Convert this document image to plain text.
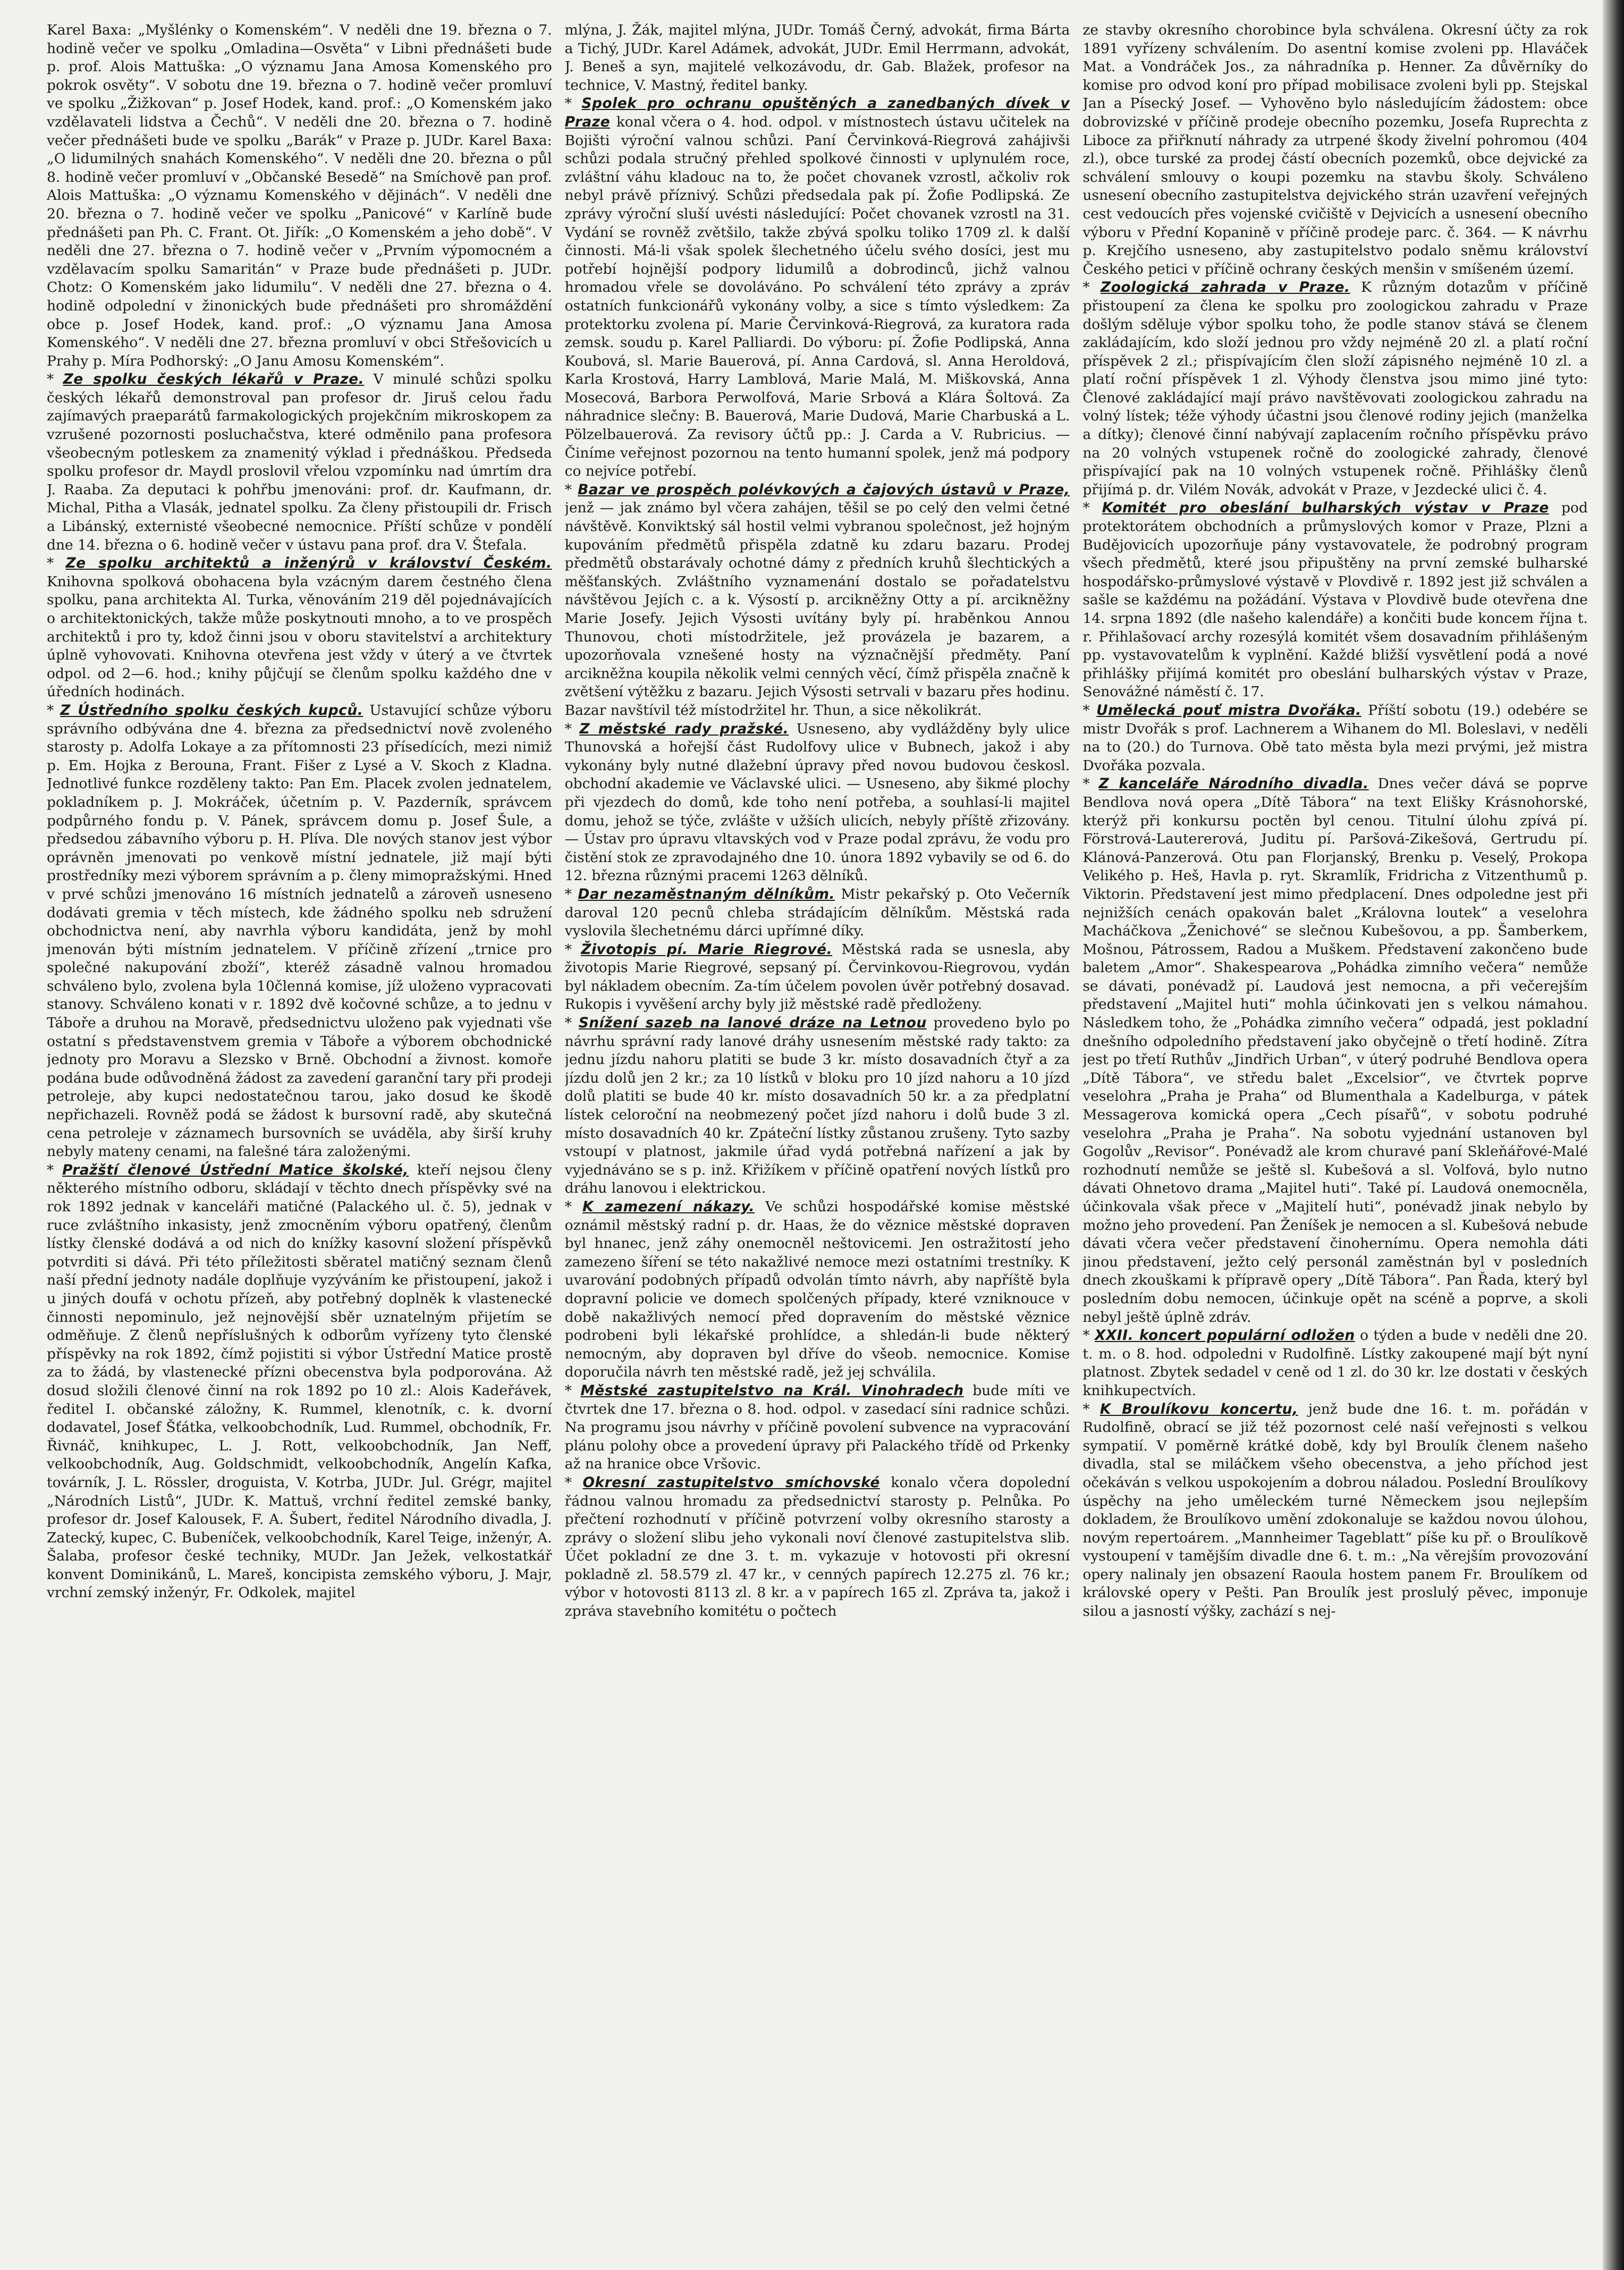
Karel Baxa: „Myšlénky o Komenském“. V neděli dne 19. března o 7. hodině večer ve spolku „Omladina—Osvěta“ v Libni přednášeti bude p. prof. Alois Mattuška: „O významu Jana Amosa Komenského pro pokrok osvěty“. V sobotu dne 19. března o 7. hodině večer promluví ve spolku „Žižkovan“ p. Josef Hodek, kand. prof.: „O Komenském jako vzdělavateli lidstva a Čechů“. V neděli dne 20. března o 7. hodině večer přednášeti bude ve spolku „Barák“ v Praze p. JUDr. Karel Baxa: „O lidumilných snahách Komenského“. V neděli dne 20. března o půl 8. hodině večer promluví v „Občanské Besedě“ na Smíchově pan prof. Alois Mattuška: „O významu Komenského v dějinách“. V neděli dne 20. března o 7. hodině večer ve spolku „Panicové“ v Karlíně bude přednášeti pan Ph. C. Frant. Ot. Jiřík: „O Komenském a jeho době“. V neděli dne 27. března o 7. hodině večer v „Prvním výpomocném a vzdělavacím spolku Samaritán“ v Praze bude přednášeti p. JUDr. Chotz: O Komenském jako lidumilu“. V neděli dne 27. března o 4. hodině odpolední v žinonických bude přednášeti pro shromáždění obce p. Josef Hodek, kand. prof.: „O významu Jana Amosa Komenského“. V neděli dne 27. března promluví v obci Střešovicích u Prahy p. Míra Podhorský: „O Janu Amosu Komenském“.

* Ze spolku českých lékařů v Praze. V minulé schůzi spolku českých lékařů demonstroval pan profesor dr. Jiruš celou řadu zajímavých praeparátů farmakologických projekčním mikroskopem za vzrušené pozornosti posluchačstva, které odměnilo pana profesora všeobecným potleskem za znamenitý výklad i přednáškou. Předseda spolku profesor dr. Maydl proslovil vřelou vzpomínku nad úmrtím dra J. Raaba. Za deputaci k pohřbu jmenováni: prof. dr. Kaufmann, dr. Michal, Pitha a Vlasák, jednatel spolku. Za členy přistoupili dr. Frisch a Libánský, externisté všeobecné nemocnice. Příští schůze v pondělí dne 14. března o 6. hodině večer v ústavu pana prof. dra V. Štefala.

* Ze spolku architektů a inženýrů v království Českém. Knihovna spolková obohacena byla vzácným darem čestného člena spolku, pana architekta Al. Turka, věnováním 219 děl pojednávajících o architektonických, takže může poskytnouti mnoho, a to ve prospěch architektů i pro ty, kdož činni jsou v oboru stavitelství a architektury úplně vyhovovati. Knihovna otevřena jest vždy v úterý a ve čtvrtek odpol. od 2—6. hod.; knihy půjčují se členům spolku každého dne v úředních hodinách.

* Z Ústředního spolku českých kupců. Ustavující schůze výboru správního odbývána dne 4. března za předsednictví nově zvoleného starosty p. Adolfa Lokaye a za přítomnosti 23 přísedících, mezi nimiž p. Em. Hojka z Berouna, Frant. Fišer z Lysé a V. Skoch z Kladna. Jednotlivé funkce rozděleny takto: Pan Em. Placek zvolen jednatelem, pokladníkem p. J. Mokráček, účetním p. V. Pazderník, správcem podpůrného fondu p. V. Pánek, správcem domu p. Josef Šule, a předsedou zábavního výboru p. H. Plíva. Dle nových stanov jest výbor oprávněn jmenovati po venkově místní jednatele, již mají býti prostředníky mezi výborem správním a p. členy mimopražskými. Hned v prvé schůzi jmenováno 16 místních jednatelů a zároveň usneseno dodávati gremia v těch místech, kde žádného spolku neb sdružení obchodnictva není, aby navrhla výboru kandidáta, jenž by mohl jmenován býti místním jednatelem. V příčině zřízení „trnice pro společné nakupování zboží“, kteréž zásadně valnou hromadou schváleno bylo, zvolena byla 10členná komise, jíž uloženo vypracovati stanovy. Schváleno konati v r. 1892 dvě kočovné schůze, a to jednu v Táboře a druhou na Moravě, předsednictvu uloženo pak vyjednati vše ostatní s představenstvem gremia v Táboře a výborem obchodnické jednoty pro Moravu a Slezsko v Brně. Obchodní a živnost. komoře podána bude odůvodněná žádost za zavedení garanční tary při prodeji petroleje, aby kupci nedostatečnou tarou, jako dosud ke škodě nepřichazeli. Rovněž podá se žádost k bursovní radě, aby skutečná cena petroleje v záznamech bursovních se uváděla, aby širší kruhy nebyly mateny cenami, na falešné tára založenými.

* Pražští členové Ústřední Matice školské, kteří nejsou členy některého místního odboru, skládají v těchto dnech příspěvky své na rok 1892 jednak v kanceláři matičné (Palackého ul. č. 5), jednak v ruce zvláštního inkasisty, jenž zmocněním výboru opatřený, členům lístky členské dodává a od nich do knížky kasovní složení příspěvků potvrditi si dává. Při této příležitosti sběratel matičný seznam členů naší přední jednoty nadále doplňuje vyzýváním ke přistoupení, jakož i u jiných doufá v ochotu přízeň, aby potřebný doplněk k vlastenecké činnosti nepominulo, jež nejnovější sběr uznatelným přijetím se odměňuje. Z členů nepříslušných k odborům vyřízeny tyto členské příspěvky na rok 1892, čímž pojistiti si výbor Ústřední Matice prostě za to žádá, by vlastenecké přízni obecenstva byla podporována. Až dosud složili členové činní na rok 1892 po 10 zl.: Alois Kadeřávek, ředitel I. občanské záložny, K. Rummel, klenotník, c. k. dvorní dodavatel, Josef Šťátka, velkoobchodník, Lud. Rummel, obchodník, Fr. Řivnáč, knihkupec, L. J. Rott, velkoobchodník, Jan Neff, velkoobchodník, Aug. Goldschmidt, velkoobchodník, Angelín Kafka, továrník, J. L. Rössler, droguista, V. Kotrba, JUDr. Jul. Grégr, majitel „Národních Listů“, JUDr. K. Mattuš, vrchní ředitel zemské banky, profesor dr. Josef Kalousek, F. A. Šubert, ředitel Národního divadla, J. Zatecký, kupec, C. Bubeníček, velkoobchodník, Karel Teige, inženýr, A. Šalaba, profesor české techniky, MUDr. Jan Ježek, velkostatkář konvent Dominikánů, L. Mareš, koncipista zemského výboru, J. Majr, vrchní zemský inženýr, Fr. Odkolek, majitel

mlýna, J. Žák, majitel mlýna, JUDr. Tomáš Černý, advokát, firma Bárta a Tichý, JUDr. Karel Adámek, advokát, JUDr. Emil Herrmann, advokát, J. Beneš a syn, majitelé velkozávodu, dr. Gab. Blažek, profesor na technice, V. Mastný, ředitel banky.

* Spolek pro ochranu opuštěných a zanedbaných dívek v Praze konal včera o 4. hod. odpol. v místnostech ústavu učitelek na Bojišti výroční valnou schůzi. Paní Červinková-Riegrová zahájivši schůzi podala stručný přehled spolkové činnosti v uplynulém roce, zvláštní váhu kladouc na to, že počet chovanek vzrostl, ačkoliv rok nebyl právě příznivý. Schůzi předsedala pak pí. Žofie Podlipská. Ze zprávy výroční sluší uvésti následující: Počet chovanek vzrostl na 31. Vydání se rovněž zvětšilo, takže zbývá spolku toliko 1709 zl. k další činnosti. Má-li však spolek šlechetného účelu svého dosíci, jest mu potřebí hojnější podpory lidumilů a dobrodinců, jichž valnou hromadou vřele se dovoláváno. Po schválení této zprávy a zpráv ostatních funkcionářů vykonány volby, a sice s tímto výsledkem: Za protektorku zvolena pí. Marie Červinková-Riegrová, za kuratora rada zemsk. soudu p. Karel Palliardi. Do výboru: pí. Žofie Podlipská, Anna Koubová, sl. Marie Bauerová, pí. Anna Cardová, sl. Anna Heroldová, Karla Krostová, Harry Lamblová, Marie Malá, M. Miškovská, Anna Mosecová, Barbora Perwolfová, Marie Srbová a Klára Šoltová. Za náhradnice slečny: B. Bauerová, Marie Dudová, Marie Charbuská a L. Pölzelbauerová. Za revisory účtů pp.: J. Carda a V. Rubricius. — Činíme veřejnost pozornou na tento humanní spolek, jenž má podpory co nejvíce potřebí.

* Bazar ve prospěch polévkových a čajových ústavů v Praze, jenž — jak známo byl včera zahájen, těšil se po celý den velmi četné návštěvě. Konviktský sál hostil velmi vybranou společnost, jež hojným kupováním předmětů přispěla zdatně ku zdaru bazaru. Prodej předmětů obstarávaly ochotné dámy z předních kruhů šlechtických a měšťanských. Zvláštního vyznamenání dostalo se pořadatelstvu návštěvou Jejích c. a k. Výsostí p. arcikněžny Otty a pí. arcikněžny Marie Josefy. Jejich Výsosti uvítány byly pí. hraběnkou Annou Thunovou, choti místodržitele, jež provázela je bazarem, a upozorňovala vznešené hosty na význačnější předměty. Paní arcikněžna koupila několik velmi cenných věcí, čímž přispěla značně k zvětšení výtěžku z bazaru. Jejich Výsosti setrvali v bazaru přes hodinu. Bazar navštívil též místodržitel hr. Thun, a sice několikrát.

* Z městské rady pražské. Usneseno, aby vydlážděny byly ulice Thunovská a hořejší část Rudolfovy ulice v Bubnech, jakož i aby vykonány byly nutné dlažební úpravy před novou budovou českosl. obchodní akademie ve Václavské ulici. — Usneseno, aby šikmé plochy při vjezdech do domů, kde toho není potřeba, a souhlasí-li majitel domu, jehož se týče, zvlášte v užších ulicích, nebyly příště zřizovány. — Ústav pro úpravu vltavských vod v Praze podal zprávu, že vodu pro čistění stok ze zpravodajného dne 10. února 1892 vybavily se od 6. do 12. března různými pracemi 1263 dělníků.

* Dar nezaměstnaným dělníkům. Mistr pekařský p. Oto Večerník daroval 120 pecnů chleba strádajícím dělníkům. Městská rada vyslovila šlechetnému dárci upřímné díky.

* Životopis pí. Marie Riegrové. Městská rada se usnesla, aby životopis Marie Riegrové, sepsaný pí. Červinkovou-Riegrovou, vydán byl nákladem obecním. Za-tím účelem povolen úvěr potřebný dosavad. Rukopis i vyvěšení archy byly již městské radě předloženy.

* Snížení sazeb na lanové dráze na Letnou provedeno bylo po návrhu správní rady lanové dráhy usnesením městské rady takto: za jednu jízdu nahoru platiti se bude 3 kr. místo dosavadních čtyř a za jízdu dolů jen 2 kr.; za 10 lístků v bloku pro 10 jízd nahoru a 10 jízd dolů platiti se bude 40 kr. místo dosavadních 50 kr. a za předplatní lístek celoroční na neobmezený počet jízd nahoru i dolů bude 3 zl. místo dosavadních 40 kr. Zpáteční lístky zůstanou zrušeny. Tyto sazby vstoupí v platnost, jakmile úřad vydá potřebná nařízení a jak by vyjednáváno se s p. inž. Křižíkem v příčině opatření nových lístků pro dráhu lanovou i elektrickou.

* K zamezení nákazy. Ve schůzi hospodářské komise městské oznámil městský radní p. dr. Haas, že do věznice městské dopraven byl hnanec, jenž záhy onemocněl neštovicemi. Jen ostražitostí jeho zamezeno šíření se této nakažlivé nemoce mezi ostatními trestníky. K uvarování podobných případů odvolán tímto návrh, aby napříště byla dopravní policie ve domech spolčených případy, které vzniknouce v době nakažlivých nemocí před dopravením do městské věznice podrobeni byli lékařské prohlídce, a shledán-li bude některý nemocným, aby dopraven byl dříve do všeob. nemocnice. Komise doporučila návrh ten městské radě, jež jej schválila.

* Městské zastupitelstvo na Král. Vinohradech bude míti ve čtvrtek dne 17. března o 8. hod. odpol. v zasedací síni radnice schůzi. Na programu jsou návrhy v příčině povolení subvence na vypracování plánu polohy obce a provedení úpravy při Palackého třídě od Prkenky až na hranice obce Vršovic.

* Okresní zastupitelstvo smíchovské konalo včera dopolední řádnou valnou hromadu za předsednictví starosty p. Pelnůka. Po přečtení rozhodnutí v příčině potvrzení volby okresního starosty a zprávy o složení slibu jeho vykonali noví členové zastupitelstva slib. Účet pokladní ze dne 3. t. m. vykazuje v hotovosti při okresní pokladně zl. 58.579 zl. 47 kr., v cenných papírech 12.275 zl. 76 kr.; výbor v hotovosti 8113 zl. 8 kr. a v papírech 165 zl. Zpráva ta, jakož i zpráva stavebního komitétu o počtech

ze stavby okresního chorobince byla schválena. Okresní účty za rok 1891 vyřízeny schválením. Do asentní komise zvoleni pp. Hlaváček Mat. a Vondráček Jos., za náhradníka p. Henner. Za důvěrníky do komise pro odvod koní pro případ mobilisace zvoleni byli pp. Stejskal Jan a Písecký Josef. — Vyhověno bylo následujícím žádostem: obce dobrovizské v příčině prodeje obecního pozemku, Josefa Ruprechta z Liboce za přiřknutí náhrady za utrpené škody živelní pohromou (404 zl.), obce turské za prodej částí obecních pozemků, obce dejvické za schválení smlouvy o koupi pozemku na stavbu školy. Schváleno usnesení obecního zastupitelstva dejvického strán uzavření veřejných cest vedoucích přes vojenské cvičiště v Dejvicích a usnesení obecního výboru v Přední Kopanině v příčině prodeje parc. č. 364. — K návrhu p. Krejčího usneseno, aby zastupitelstvo podalo sněmu království Českého petici v příčině ochrany českých menšin v smíšeném území.

* Zoologická zahrada v Praze. K různým dotazům v příčině přistoupení za člena ke spolku pro zoologickou zahradu v Praze došlým sděluje výbor spolku toho, že podle stanov stává se členem zakládajícím, kdo složí jednou pro vždy nejméně 20 zl. a platí roční příspěvek 2 zl.; přispívajícím člen složí zápisného nejméně 10 zl. a platí roční příspěvek 1 zl. Výhody členstva jsou mimo jiné tyto: Členové zakládající mají právo navštěvovati zoologickou zahradu na volný lístek; téže výhody účastni jsou členové rodiny jejich (manželka a dítky); členové činní nabývají zaplacením ročního příspěvku právo na 20 volných vstupenek ročně do zoologické zahrady, členové přispívající pak na 10 volných vstupenek ročně. Přihlášky členů přijímá p. dr. Vilém Novák, advokát v Praze, v Jezdecké ulici č. 4.

* Komitét pro obeslání bulharských výstav v Praze pod protektorátem obchodních a průmyslových komor v Praze, Plzni a Budějovicích upozorňuje pány vystavovatele, že podrobný program všech předmětů, které jsou připuštěny na první zemské bulharské hospodářsko-průmyslové výstavě v Plovdivě r. 1892 jest již schválen a sašle se každému na požádání. Výstava v Plovdivě bude otevřena dne 14. srpna 1892 (dle našeho kalendáře) a končiti bude koncem října t. r. Přihlašovací archy rozesýlá komitét všem dosavadním přihlášeným pp. vystavovatelům k vyplnění. Každé bližší vysvětlení podá a nové přihlášky přijímá komitét pro obeslání bulharských výstav v Praze, Senovážné náměstí č. 17.

* Umělecká pouť mistra Dvořáka. Příští sobotu (19.) odebére se mistr Dvořák s prof. Lachnerem a Wihanem do Ml. Boleslavi, v neděli na to (20.) do Turnova. Obě tato města byla mezi prvými, jež mistra Dvořáka pozvala.

* Z kanceláře Národního divadla. Dnes večer dává se poprve Bendlova nová opera „Dítě Tábora“ na text Elišky Krásnohorské, kterýž při konkursu poctěn byl cenou. Titulní úlohu zpívá pí. Förstrová-Lautererová, Juditu pí. Paršová-Zikešová, Gertrudu pí. Klánová-Panzerová. Otu pan Florjanský, Brenku p. Veselý, Prokopa Velikého p. Heš, Havla p. ryt. Skramlík, Fridricha z Vitzenthumů p. Viktorin. Představení jest mimo předplacení. Dnes odpoledne jest při nejnižších cenách opakován balet „Královna loutek“ a veselohra Macháčkova „Ženichové“ se slečnou Kubešovou, a pp. Šamberkem, Mošnou, Pátrossem, Radou a Muškem. Představení zakončeno bude baletem „Amor“. Shakespearova „Pohádka zimního večera“ nemůže se dávati, ponévadž pí. Laudová jest nemocna, a při večerejším představení „Majitel huti“ mohla účinkovati jen s velkou námahou. Následkem toho, že „Pohádka zimního večera“ odpadá, jest pokladní dnešního odpoledního představení jako obyčejně o třetí hodině. Zítra jest po třetí Ruthův „Jindřich Urban“, v úterý podruhé Bendlova opera „Dítě Tábora“, ve středu balet „Excelsior“, ve čtvrtek poprve veselohra „Praha je Praha“ od Blumenthala a Kadelburga, v pátek Messagerova komická opera „Cech písařů“, v sobotu podruhé veselohra „Praha je Praha“. Na sobotu vyjednání ustanoven byl Gogolův „Revisor“. Ponévadž ale krom churavé paní Skleňářové-Malé rozhodnutí nemůže se ještě sl. Kubešová a sl. Volfová, bylo nutno dávati Ohnetovo drama „Majitel huti“. Také pí. Laudová onemocněla, účinkovala však přece v „Majitelí huti“, ponévadž jinak nebylo by možno jeho provedení. Pan Ženíšek je nemocen a sl. Kubešová nebude dávati včera večer představení činohernímu. Opera nemohla dáti jinou představení, ježto celý personál zaměstnán byl v posledních dnech zkouškami k přípravě opery „Dítě Tábora“. Pan Řada, který byl posledním dobu nemocen, účinkuje opět na scéně a poprve, a skoli nebyl ještě úplně zdráv.

* XXII. koncert populární odložen o týden a bude v neděli dne 20. t. m. o 8. hod. odpoledni v Rudolfině. Lístky zakoupené mají být nyní platnost. Zbytek sedadel v ceně od 1 zl. do 30 kr. lze dostati v českých knihkupectvích.

* K Broulíkovu koncertu, jenž bude dne 16. t. m. pořádán v Rudolfině, obrací se již též pozornost celé naší veřejnosti s velkou sympatií. V poměrně krátké době, kdy byl Broulík členem našeho divadla, stal se miláčkem všeho obecenstva, a jeho příchod jest očekáván s velkou uspokojením a dobrou náladou. Poslední Broulíkovy úspěchy na jeho uměleckém turné Německem jsou nejlepším dokladem, že Broulíkovo umění zdokonaluje se každou novou úlohou, novým repertoárem. „Mannheimer Tageblatt“ píše ku př. o Broulíkově vystoupení v tamějším divadle dne 6. t. m.: „Na věrejším provozování opery nalinaly jen obsazení Raoula hostem panem Fr. Broulíkem od královské opery v Pešti. Pan Broulík jest proslulý pěvec, imponuje silou a jasností výšky, zachází s nej-
